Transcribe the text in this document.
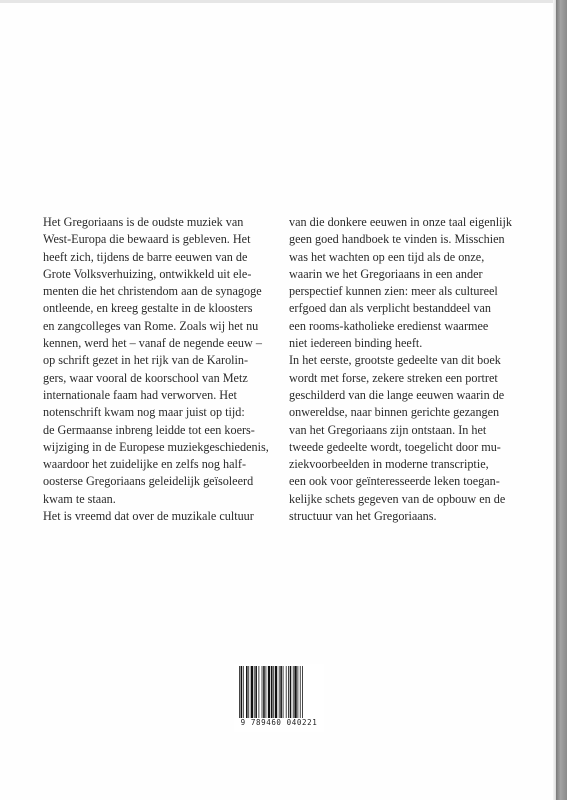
Het Gregoriaans is de oudste muziek van
West-Europa die bewaard is gebleven. Het
heeft zich, tijdens de barre eeuwen van de
Grote Volksverhuizing, ontwikkeld uit ele-
menten die het christendom aan de synagoge
ontleende, en kreeg gestalte in de kloosters
en zangcolleges van Rome. Zoals wij het nu
kennen, werd het – vanaf de negende eeuw –
op schrift gezet in het rijk van de Karolin-
gers, waar vooral de koorschool van Metz
internationale faam had verworven. Het
notenschrift kwam nog maar juist op tijd:
de Germaanse inbreng leidde tot een koers-
wijziging in de Europese muziekgeschiedenis,
waardoor het zuidelijke en zelfs nog half-
oosterse Gregoriaans geleidelijk geïsoleerd
kwam te staan.

Het is vreemd dat over de muzikale cultuur

van die donkere eeuwen in onze taal eigenlijk
geen goed handboek te vinden is. Misschien
was het wachten op een tijd als de onze,
waarin we het Gregoriaans in een ander
perspectief kunnen zien: meer als cultureel
erfgoed dan als verplicht bestanddeel van
een rooms-katholieke eredienst waarmee
niet iedereen binding heeft.

In het eerste, grootste gedeelte van dit boek
wordt met forse, zekere streken een portret
geschilderd van die lange eeuwen waarin de
onwereldse, naar binnen gerichte gezangen
van het Gregoriaans zijn ontstaan. In het
tweede gedeelte wordt, toegelicht door mu-
ziekvoorbeelden in moderne transcriptie,
een ook voor geïnteresseerde leken toegan-
kelijke schets gegeven van de opbouw en de
structuur van het Gregoriaans.

9 789460 040221
